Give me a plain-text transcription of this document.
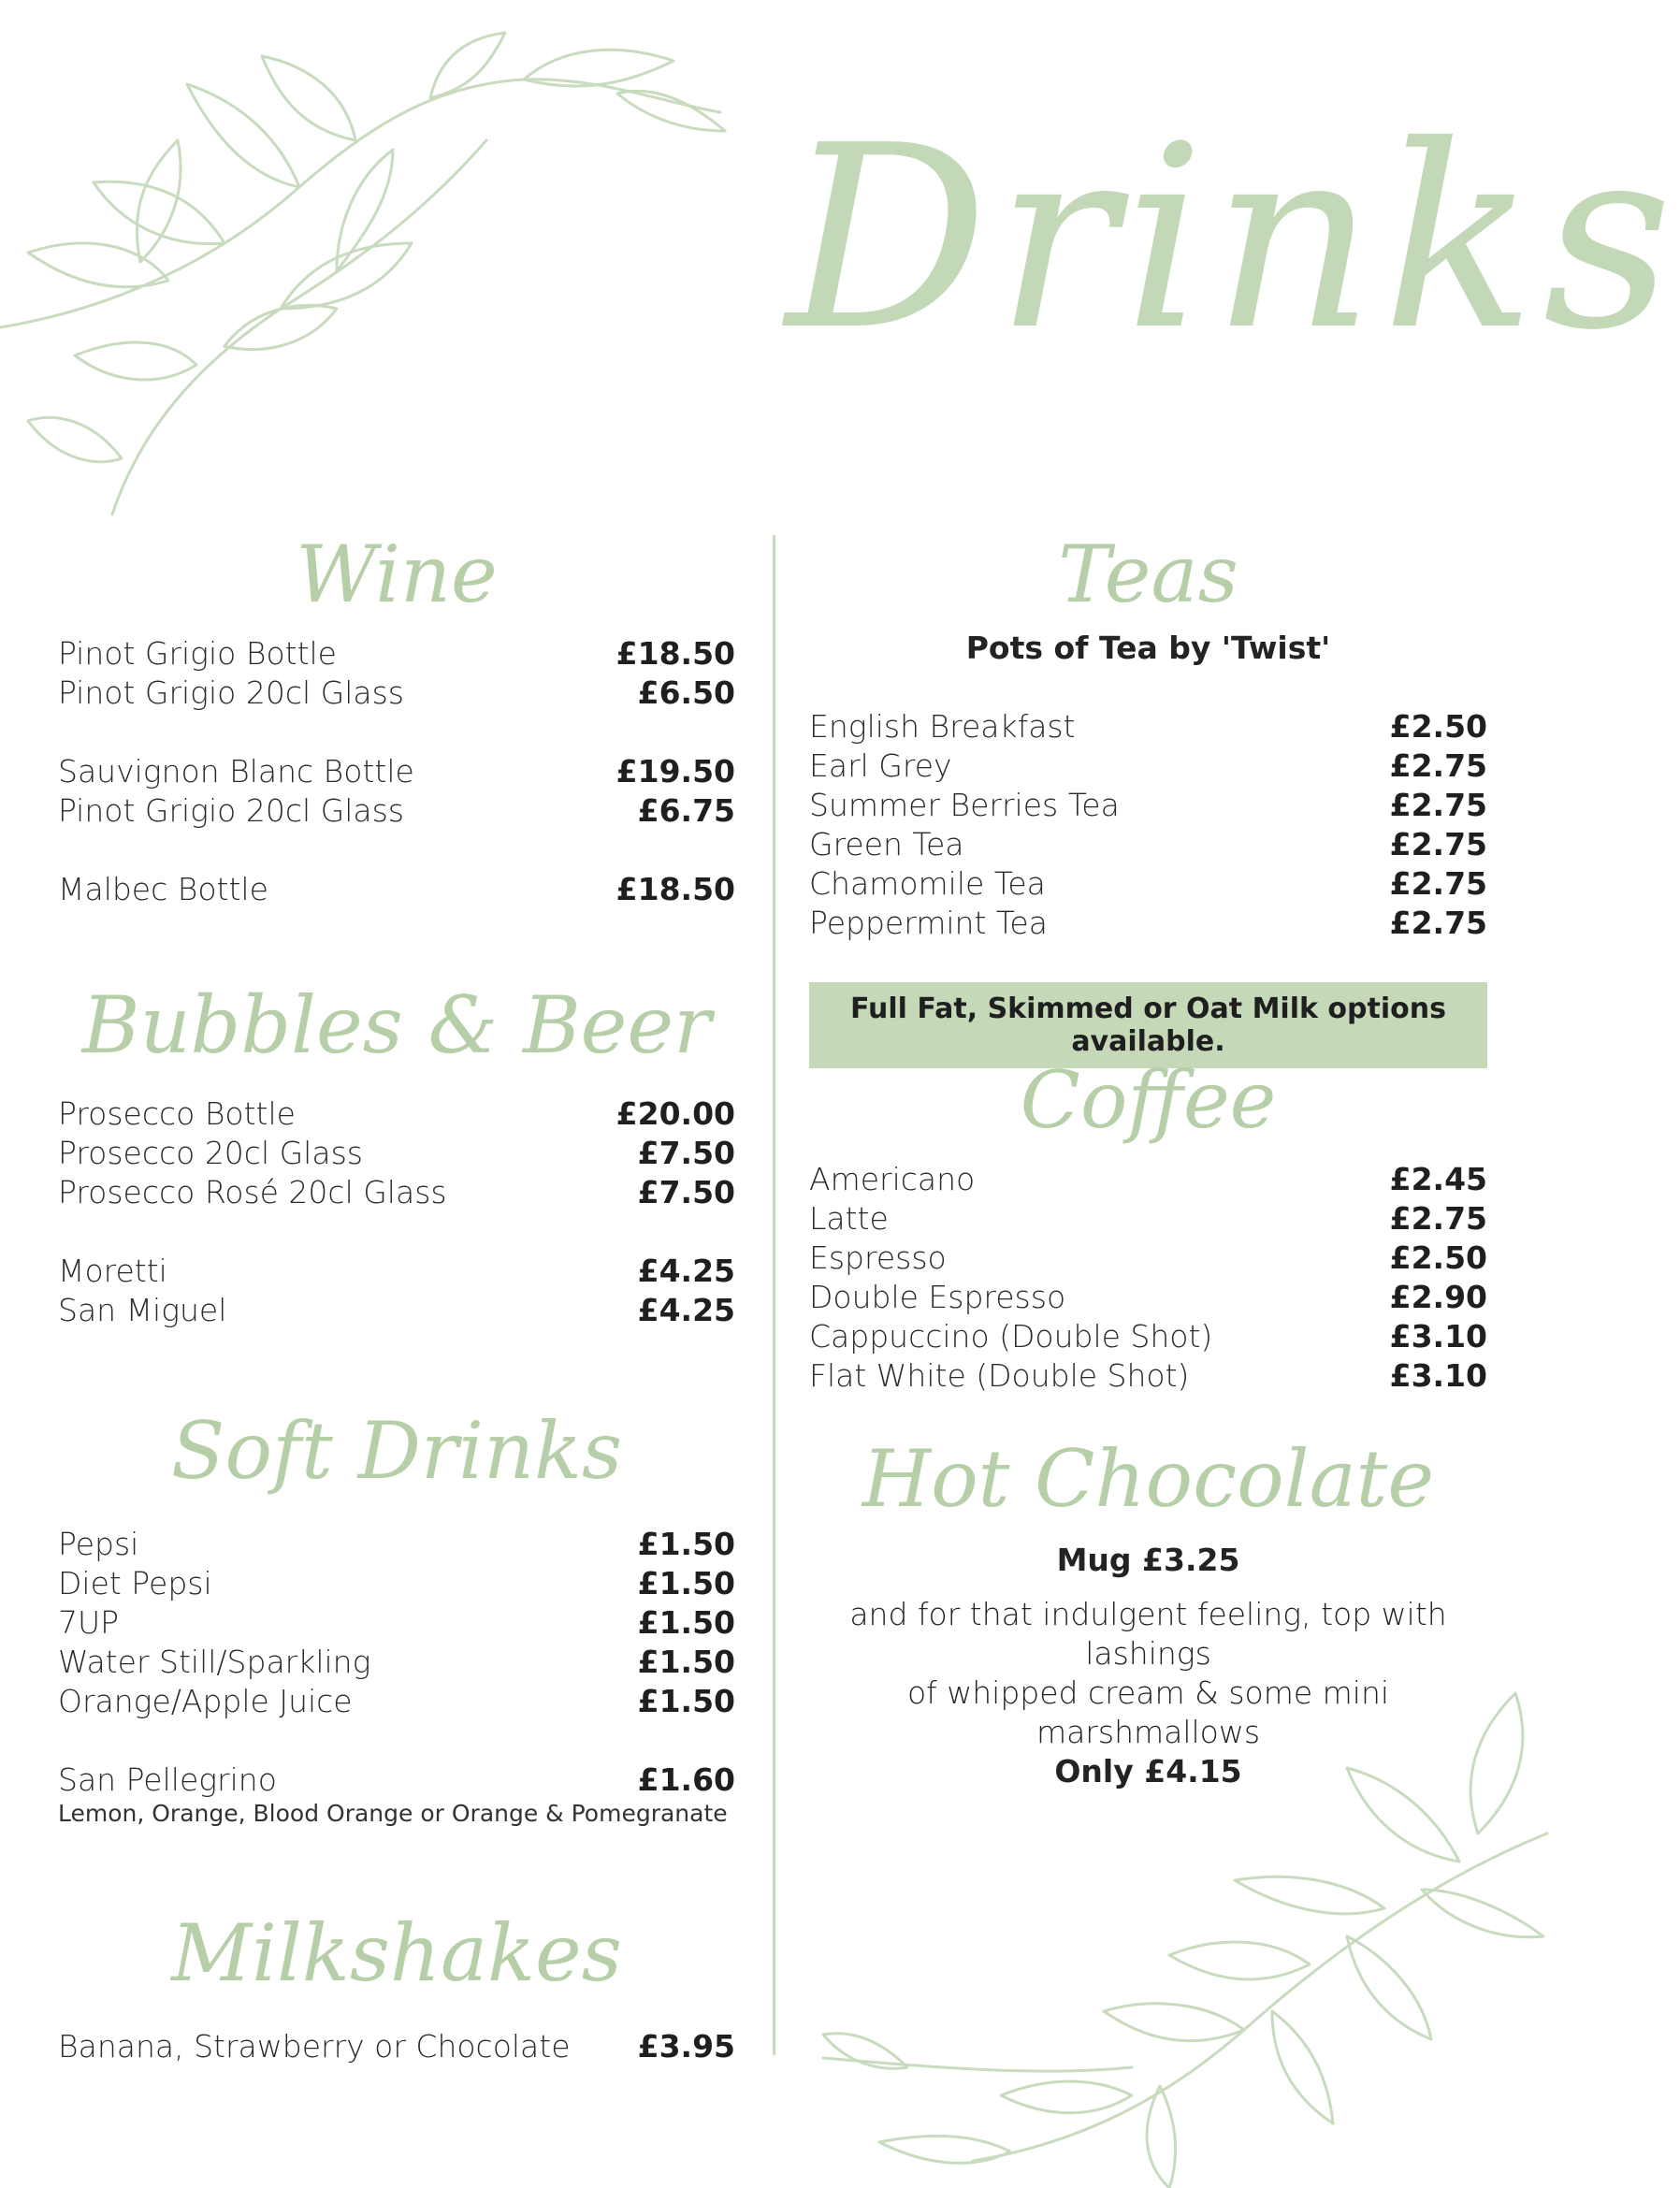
Drinks
Wine
Pinot Grigio Bottle	£18.50
Pinot Grigio 20cl Glass	£6.50
Sauvignon Blanc Bottle	£19.50
Pinot Grigio 20cl Glass	£6.75
Malbec Bottle	£18.50
Bubbles & Beer
Prosecco Bottle	£20.00
Prosecco 20cl Glass	£7.50
Prosecco Rosé 20cl Glass	£7.50
Moretti	£4.25
San Miguel	£4.25
Soft Drinks
Pepsi	£1.50
Diet Pepsi	£1.50
7UP	£1.50
Water Still/Sparkling	£1.50
Orange/Apple Juice	£1.50
San Pellegrino	£1.60
Lemon, Orange, Blood Orange or Orange & Pomegranate
Milkshakes
Banana, Strawberry or Chocolate £3.95
Teas
Pots of Tea by 'Twist'
English Breakfast	£2.50
Earl Grey	£2.75
Summer Berries Tea	£2.75
Green Tea	£2.75
Chamomile Tea	£2.75
Peppermint Tea	£2.75
Full Fat, Skimmed or Oat Milk options available.
Coffee
Americano	£2.45
Latte	£2.75
Espresso	£2.50
Double Espresso	£2.90
Cappuccino (Double Shot)	£3.10
Flat White (Double Shot)	£3.10
Hot Chocolate
Mug £3.25
and for that indulgent feeling, top with lashings
of whipped cream & some mini marshmallows
Only £4.15
